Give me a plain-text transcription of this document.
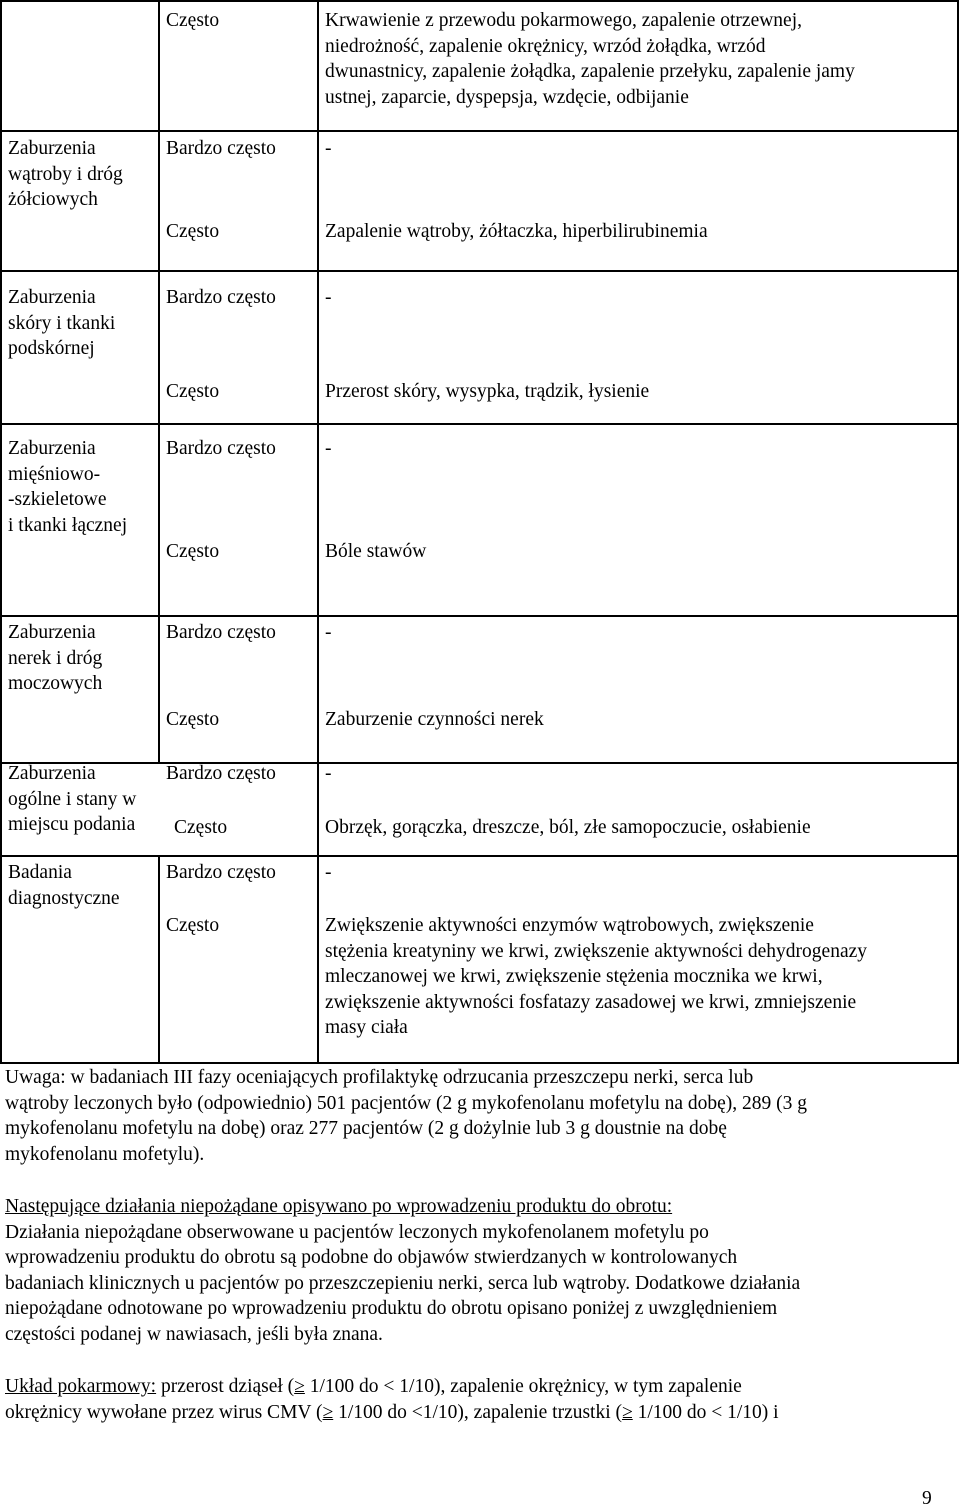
Często	Krwawienie z przewodu pokarmowego, zapalenie otrzewnej,
niedrożność, zapalenie okrężnicy, wrzód żołądka, wrzód
dwunastnicy, zapalenie żołądka, zapalenie przełyku, zapalenie jamy
ustnej, zaparcie, dyspepsja, wzdęcie, odbijanie
Zaburzenia
wątroby i dróg
żółciowych
Bardzo często	-
Często	Zapalenie wątroby, żółtaczka, hiperbilirubinemia
Zaburzenia
skóry i tkanki
podskórnej
Bardzo często	-
Często	Przerost skóry, wysypka, trądzik, łysienie
Zaburzenia
mięśniowo-
-szkieletowe
i tkanki łącznej
Bardzo często	-
Często	Bóle stawów
Zaburzenia
nerek i dróg
moczowych
Bardzo często	-
Często	Zaburzenie czynności nerek
Zaburzenia
ogólne i stany w
miejscu podania
Bardzo często	-
Często	Obrzęk, gorączka, dreszcze, ból, złe samopoczucie, osłabienie
Badania
diagnostyczne
Bardzo często	-
Często	Zwiększenie aktywności enzymów wątrobowych, zwiększenie
stężenia kreatyniny we krwi, zwiększenie aktywności dehydrogenazy
mleczanowej we krwi, zwiększenie stężenia mocznika we krwi,
zwiększenie aktywności fosfatazy zasadowej we krwi, zmniejszenie
masy ciała
Uwaga: w badaniach III fazy oceniających profilaktykę odrzucania przeszczepu nerki, serca lub
wątroby leczonych było (odpowiednio) 501 pacjentów (2 g mykofenolanu mofetylu na dobę), 289 (3 g
mykofenolanu mofetylu na dobę) oraz 277 pacjentów (2 g dożylnie lub 3 g doustnie na dobę
mykofenolanu mofetylu).
Następujące działania niepożądane opisywano po wprowadzeniu produktu do obrotu:
Działania niepożądane obserwowane u pacjentów leczonych mykofenolanem mofetylu po
wprowadzeniu produktu do obrotu są podobne do objawów stwierdzanych w kontrolowanych
badaniach klinicznych u pacjentów po przeszczepieniu nerki, serca lub wątroby. Dodatkowe działania
niepożądane odnotowane po wprowadzeniu produktu do obrotu opisano poniżej z uwzględnieniem
częstości podanej w nawiasach, jeśli była znana.
Układ pokarmowy: przerost dziąseł (≥ 1/100 do < 1/10), zapalenie okrężnicy, w tym zapalenie
okrężnicy wywołane przez wirus CMV (≥ 1/100 do <1/10), zapalenie trzustki (≥ 1/100 do < 1/10) i
9
